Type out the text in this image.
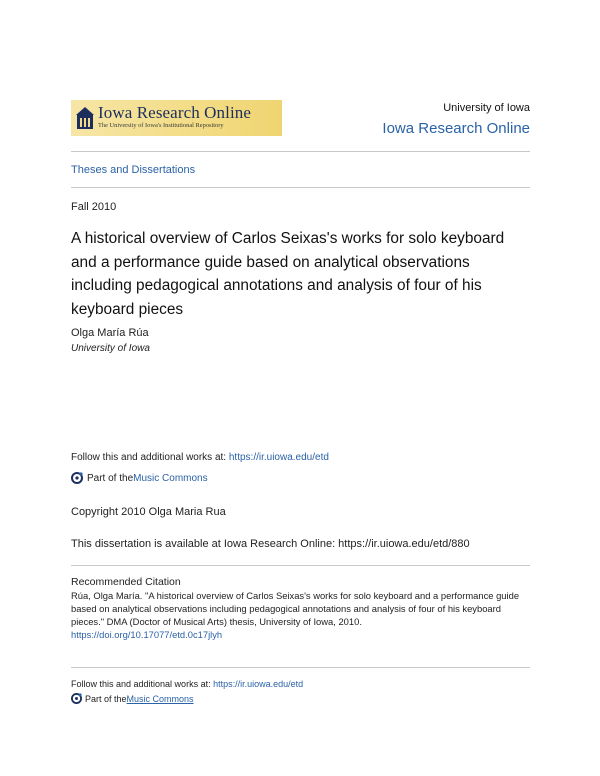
Iowa Research Online
The University of Iowa's Institutional Repository
University of Iowa
Iowa Research Online
Theses and Dissertations
Fall 2010
A historical overview of Carlos Seixas's works for solo keyboard and a performance guide based on analytical observations including pedagogical annotations and analysis of four of his keyboard pieces
Olga María Rúa
University of Iowa
Follow this and additional works at: https://ir.uiowa.edu/etd
Part of the Music Commons
Copyright 2010 Olga Maria Rua
This dissertation is available at Iowa Research Online: https://ir.uiowa.edu/etd/880
Recommended Citation
Rúa, Olga María. "A historical overview of Carlos Seixas's works for solo keyboard and a performance guide based on analytical observations including pedagogical annotations and analysis of four of his keyboard pieces." DMA (Doctor of Musical Arts) thesis, University of Iowa, 2010.
https://doi.org/10.17077/etd.0c17jlyh
Follow this and additional works at: https://ir.uiowa.edu/etd
Part of the Music Commons
